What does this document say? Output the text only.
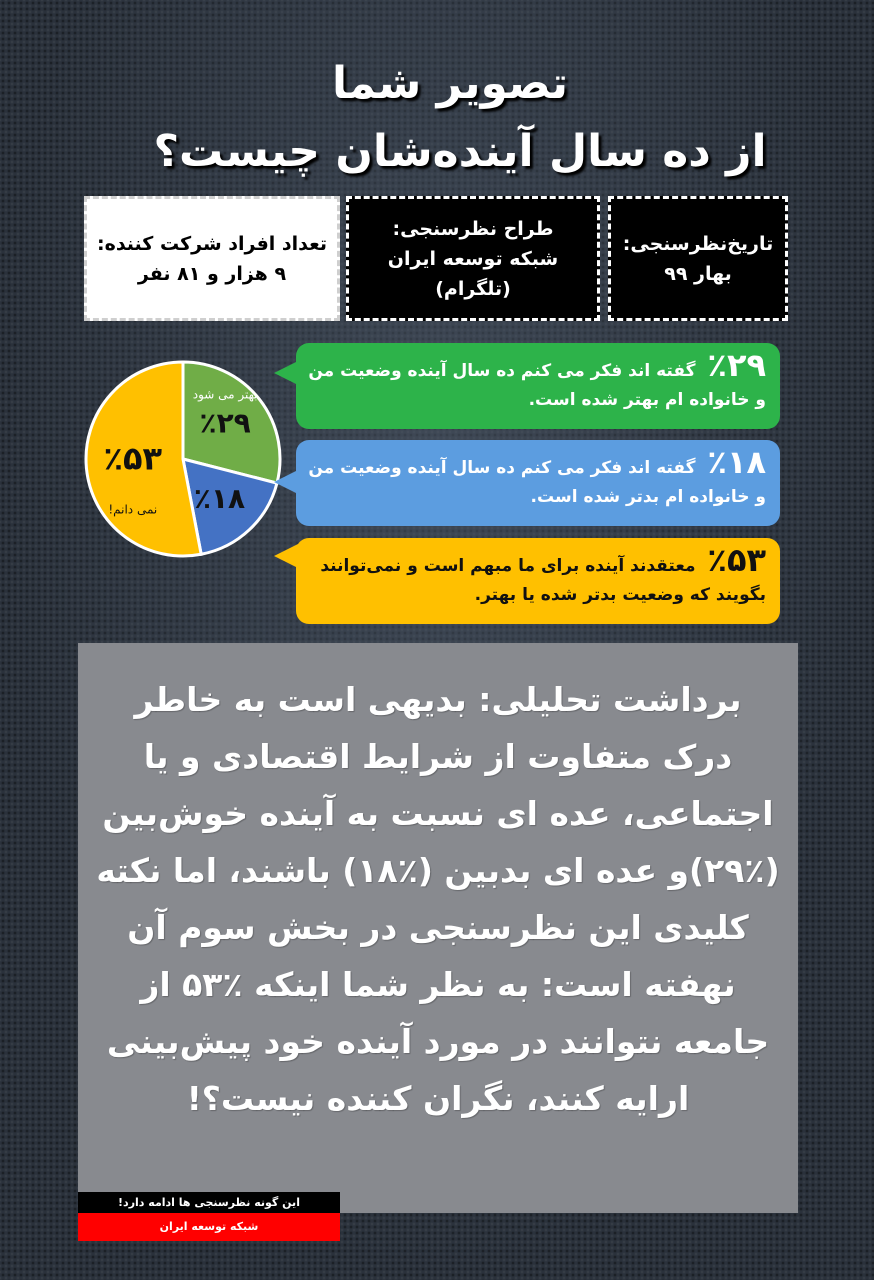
تصویر شما
از ده سال آینده‌شان چیست؟
تاریخ‌نظرسنجی:
بهار ۹۹
طراح نظرسنجی:
شبکه توسعه ایران
(تلگرام)
تعداد افراد شرکت کننده:
۹ هزار و ۸۱ نفر
٪۲۹
بهتر می شود
٪۱۸
٪۵۳
نمی دانم!
٪۲۹ گفته اند فکر می کنم ده سال آینده وضعیت من و خانواده ام بهتر شده است.
٪۱۸ گفته اند فکر می کنم ده سال آینده وضعیت من و خانواده ام بدتر شده است.
٪۵۳ معتقدند آینده برای ما مبهم است و نمی‌توانند بگویند که وضعیت بدتر شده یا بهتر.
برداشت تحلیلی: بدیهی است به خاطر درک متفاوت از شرایط اقتصادی و یا اجتماعی، عده ای نسبت به آینده خوش‌بین (٪۲۹)و عده ای بدبین (٪۱۸) باشند، اما نکته کلیدی این نظرسنجی در بخش سوم آن نهفته است: به نظر شما اینکه ٪۵۳ از جامعه نتوانند در مورد آینده خود پیش‌بینی ارایه کنند، نگران کننده نیست؟!
این گونه نظرسنجی ها ادامه دارد!
شبکه توسعه ایران
